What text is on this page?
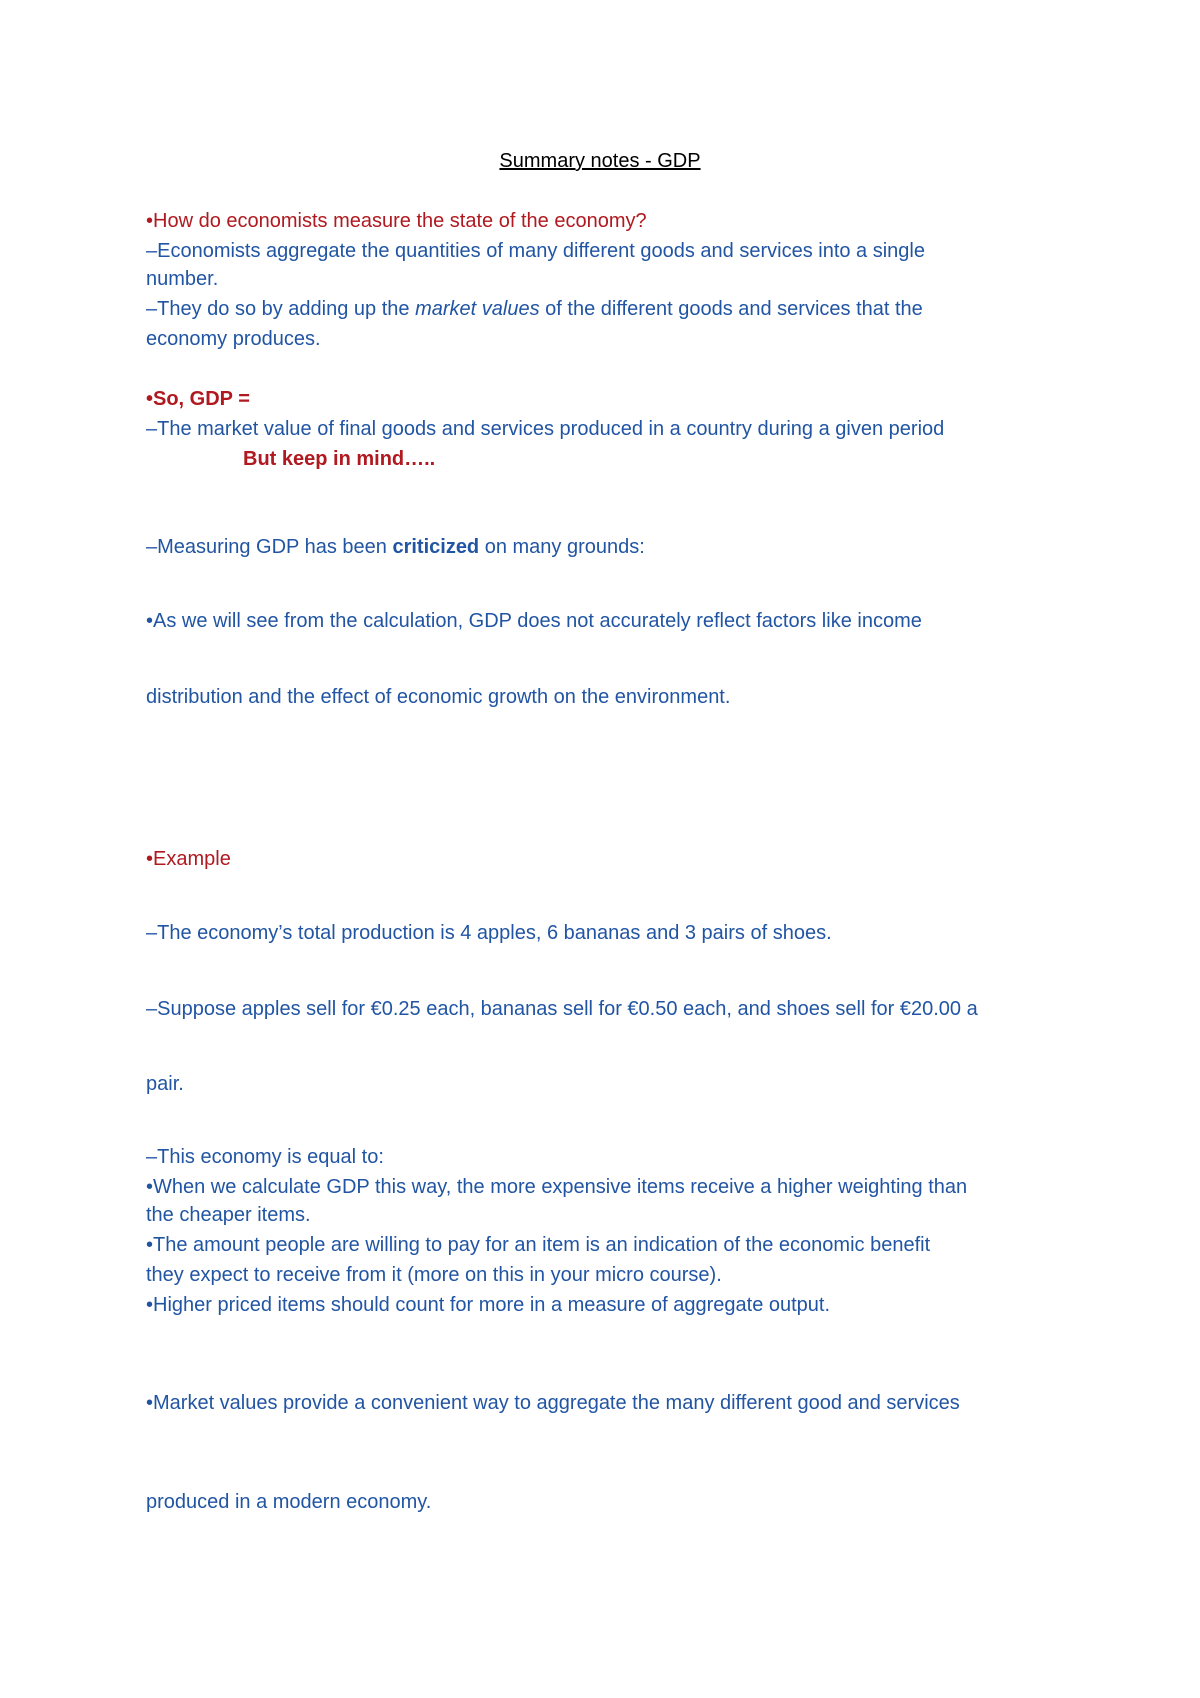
Summary notes - GDP
•How do economists measure the state of the economy?
–Economists aggregate the quantities of many different goods and services into a single
number.
–They do so by adding up the market values of the different goods and services that the
economy produces.
•So, GDP =
–The market value of final goods and services produced in a country during a given period
But keep in mind…..
–Measuring GDP has been criticized on many grounds:
•As we will see from the calculation, GDP does not accurately reflect factors like income
distribution and the effect of economic growth on the environment.
•Example
–The economy’s total production is 4 apples, 6 bananas and 3 pairs of shoes.
–Suppose apples sell for €0.25 each, bananas sell for €0.50 each, and shoes sell for €20.00 a
pair.
–This economy is equal to:
•When we calculate GDP this way, the more expensive items receive a higher weighting than
the cheaper items.
•The amount people are willing to pay for an item is an indication of the economic benefit
they expect to receive from it (more on this in your micro course).
•Higher priced items should count for more in a measure of aggregate output.
•Market values provide a convenient way to aggregate the many different good and services
produced in a modern economy.
